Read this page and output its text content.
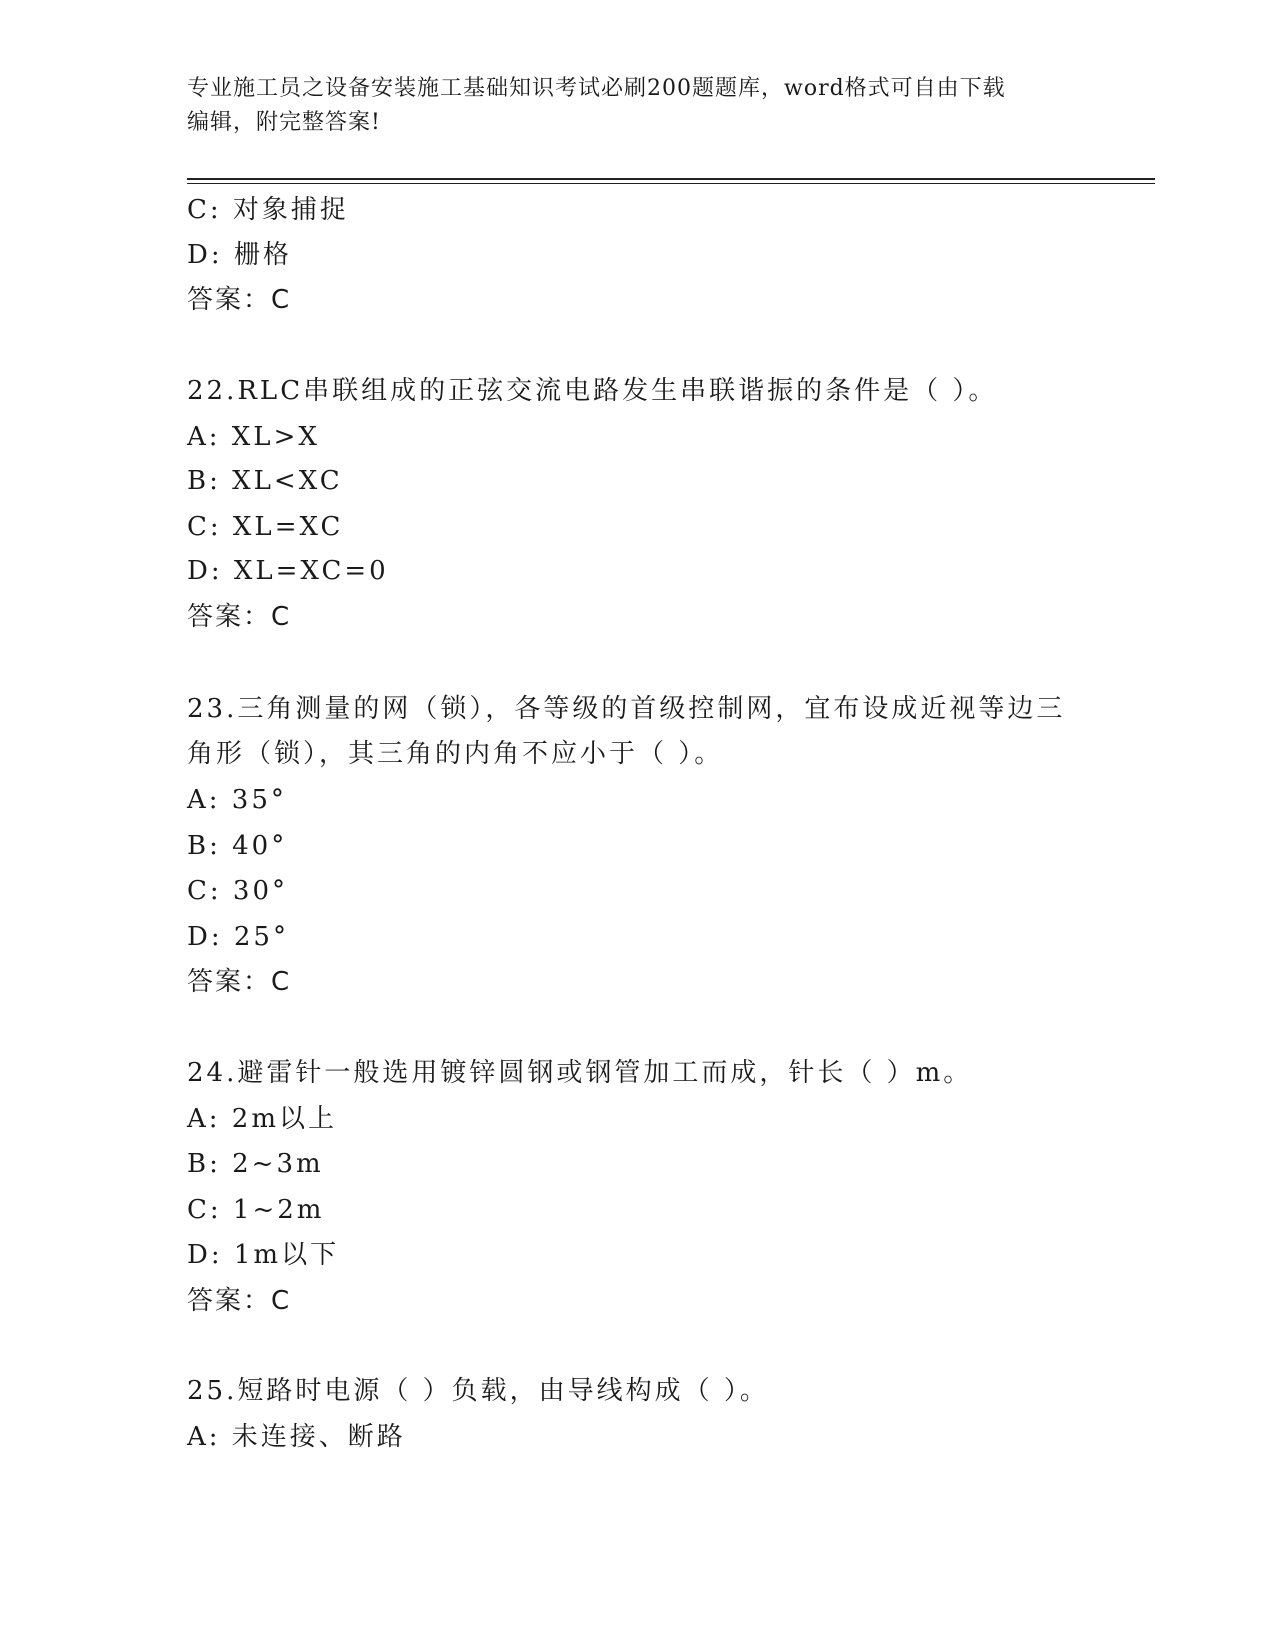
专业施工员之设备安装施工基础知识考试必刷200题题库，word格式可自由下载
编辑，附完整答案!
C: 对象捕捉
D: 栅格
答案：C
22.RLC串联组成的正弦交流电路发生串联谐振的条件是（ ）。
A: XL>X
B: XL<XC
C: XL=XC
D: XL=XC=0
答案：C
23.三角测量的网（锁），各等级的首级控制网，宜布设成近视等边三
角形（锁），其三角的内角不应小于（ ）。
A: 35°
B: 40°
C: 30°
D: 25°
答案：C
24.避雷针一般选用镀锌圆钢或钢管加工而成，针长（ ）m。
A: 2m以上
B: 2~3m
C: 1~2m
D: 1m以下
答案：C
25.短路时电源（ ）负载，由导线构成（ ）。
A: 未连接、断路
